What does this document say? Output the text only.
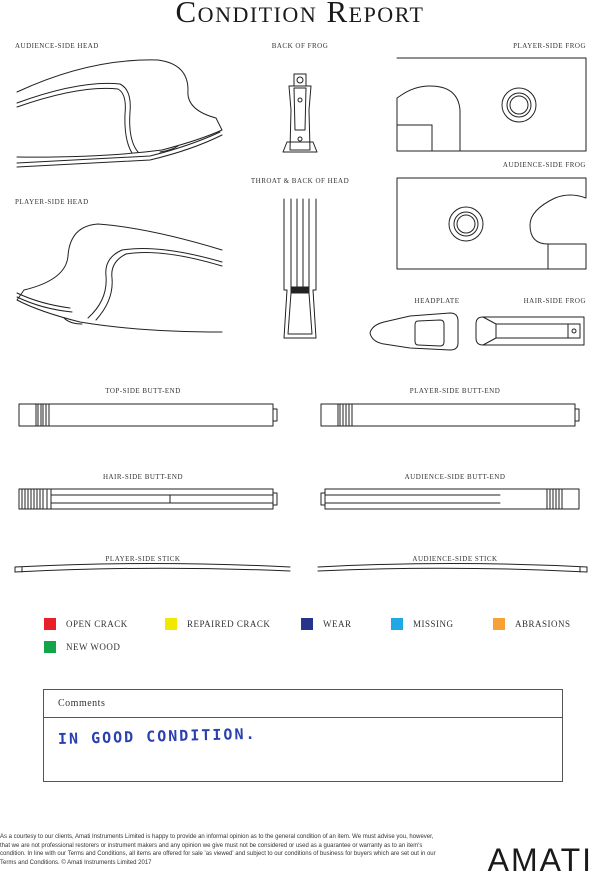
Condition Report
AUDIENCE-SIDE HEAD	BACK OF FROG	PLAYER-SIDE FROG
AUDIENCE-SIDE FROG
THROAT & BACK OF HEAD
PLAYER-SIDE HEAD
HEADPLATE	HAIR-SIDE FROG
TOP-SIDE BUTT-END	PLAYER-SIDE BUTT-END
HAIR-SIDE BUTT-END	AUDIENCE-SIDE BUTT-END
PLAYER-SIDE STICK	AUDIENCE-SIDE STICK
OPEN CRACK	REPAIRED CRACK	WEAR	MISSING	ABRASIONS
NEW WOOD
Comments
IN GOOD CONDITION.
As a courtesy to our clients, Amati Instruments Limited is happy to provide an informal opinion as to the general condition of an item. We must advise you, however, that we are not professional restorers or instrument makers and any opinion we give must not be considered or used as a guarantee or warranty as to an item's condition. In line with our Terms and Conditions, all items are offered for sale 'as viewed' and subject to our conditions of business for buyers which are set out in our Terms and Conditions. © Amati Instruments Limited 2017	AMATI
